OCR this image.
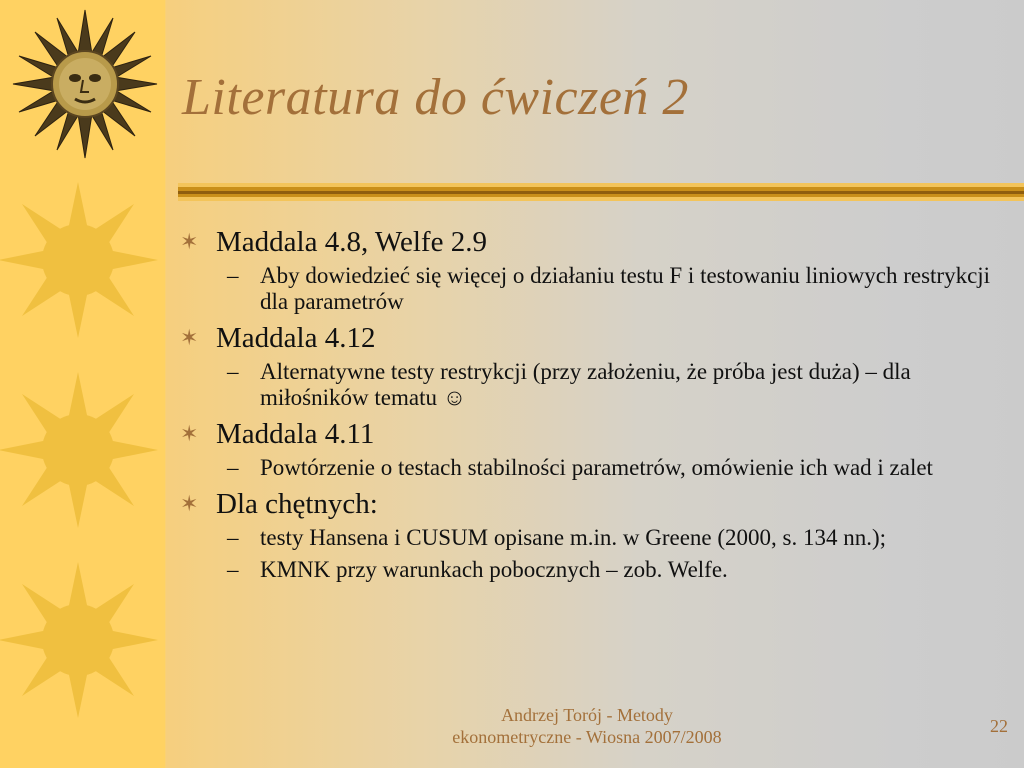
Literatura do ćwiczeń 2
✶ Maddala 4.8, Welfe 2.9
– Aby dowiedzieć się więcej o działaniu testu F i testowaniu liniowych restrykcji dla parametrów
✶ Maddala 4.12
– Alternatywne testy restrykcji (przy założeniu, że próba jest duża) – dla miłośników tematu ☺
✶ Maddala 4.11
– Powtórzenie o testach stabilności parametrów, omówienie ich wad i zalet
✶ Dla chętnych:
– testy Hansena i CUSUM opisane m.in. w Greene (2000, s. 134 nn.);
– KMNK przy warunkach pobocznych – zob. Welfe.
Andrzej Torój - Metody
ekonometryczne - Wiosna 2007/2008
22
